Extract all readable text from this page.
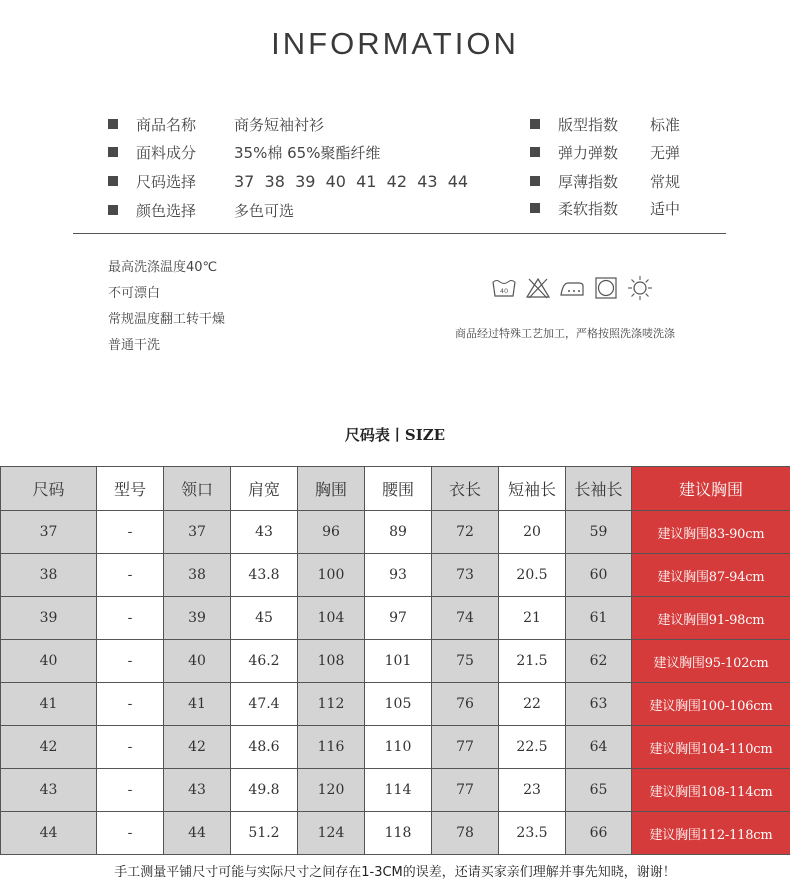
INFORMATION
商品名称	商务短袖衬衫
面料成分	35%棉 65%聚酯纤维
尺码选择 37  38  39  40  41  42  43  44
颜色选择	多色可选
版型指数 标准
弹力弹数 无弹
厚薄指数 常规
柔软指数 适中
最高洗涤温度40℃
不可漂白
常规温度翻工转干燥
普通干洗
40
商品经过特殊工艺加工，严格按照洗涤唛洗涤
尺码表丨SIZE
尺码	型号	领口	肩宽	胸围	腰围	衣长	短袖长	长袖长	建议胸围
37	-	37	43	96	89	72	20	59	建议胸围83-90cm
38	-	38	43.8	100	93	73	20.5	60	建议胸围87-94cm
39	-	39	45	104	97	74	21	61	建议胸围91-98cm
40	-	40	46.2	108	101	75	21.5	62	建议胸围95-102cm
41	-	41	47.4	112	105	76	22	63	建议胸围100-106cm
42	-	42	48.6	116	110	77	22.5	64	建议胸围104-110cm
43	-	43	49.8	120	114	77	23	65	建议胸围108-114cm
44	-	44	51.2	124	118	78	23.5	66	建议胸围112-118cm
手工测量平铺尺寸可能与实际尺寸之间存在1-3CM的误差，还请买家亲们理解并事先知晓，谢谢！
